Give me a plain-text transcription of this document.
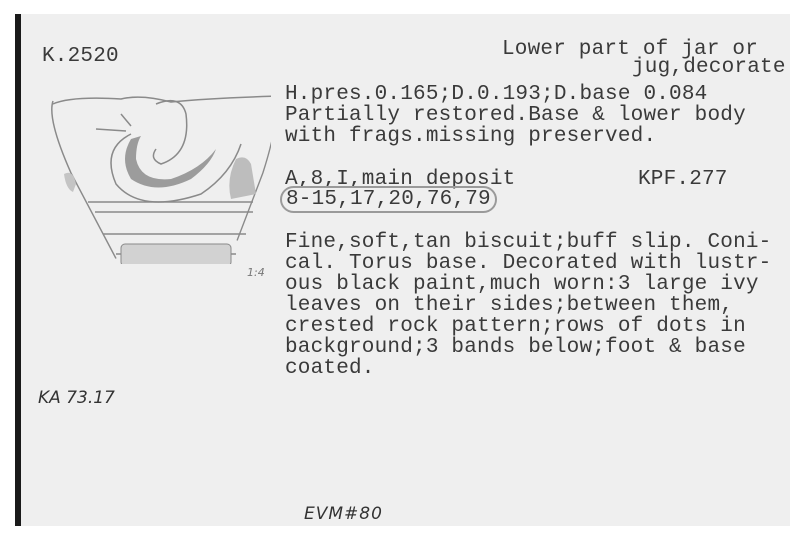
K.2520	Lower part of jar or
jug,decorate
H.pres.0.165;D.0.193;D.base 0.084
Partially restored.Base & lower body
with frags.missing preserved.
A,8,I,main deposit	KPF.277
8-15,17,20,76,79
Fine,soft,tan biscuit;buff slip. Coni-
cal. Torus base. Decorated with lustr-
ous black paint,much worn:3 large ivy
leaves on their sides;between them,
crested rock pattern;rows of dots in
background;3 bands below;foot & base
coated.
1:4
KA 73.17
EVM#80
